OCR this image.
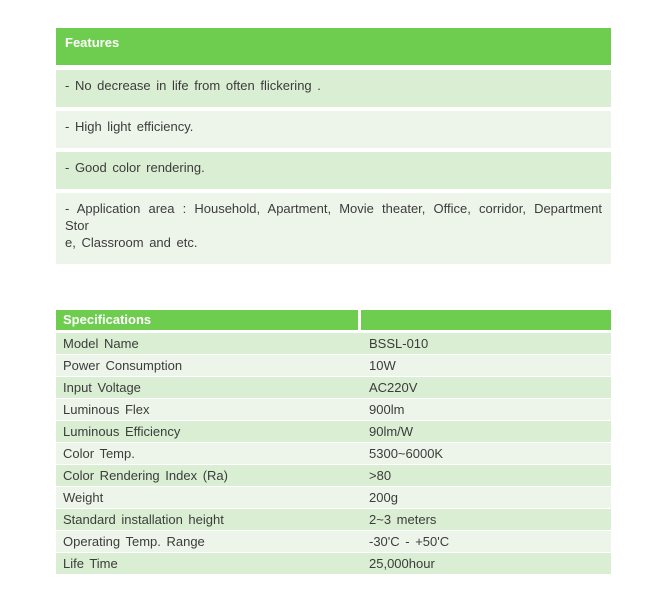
Features
- No decrease in life from often flickering .
- High light efficiency.
- Good color rendering.
- Application area : Household, Apartment, Movie theater, Office, corridor, Department Stor
e, Classroom and etc.
Specifications
Model Name	BSSL-010
Power Consumption	10W
Input Voltage	AC220V
Luminous Flex	900lm
Luminous Efficiency	90lm/W
Color Temp.	5300~6000K
Color Rendering Index (Ra)	>80
Weight	200g
Standard installation height	2~3 meters
Operating Temp. Range	-30'C - +50'C
Life Time	25,000hour
